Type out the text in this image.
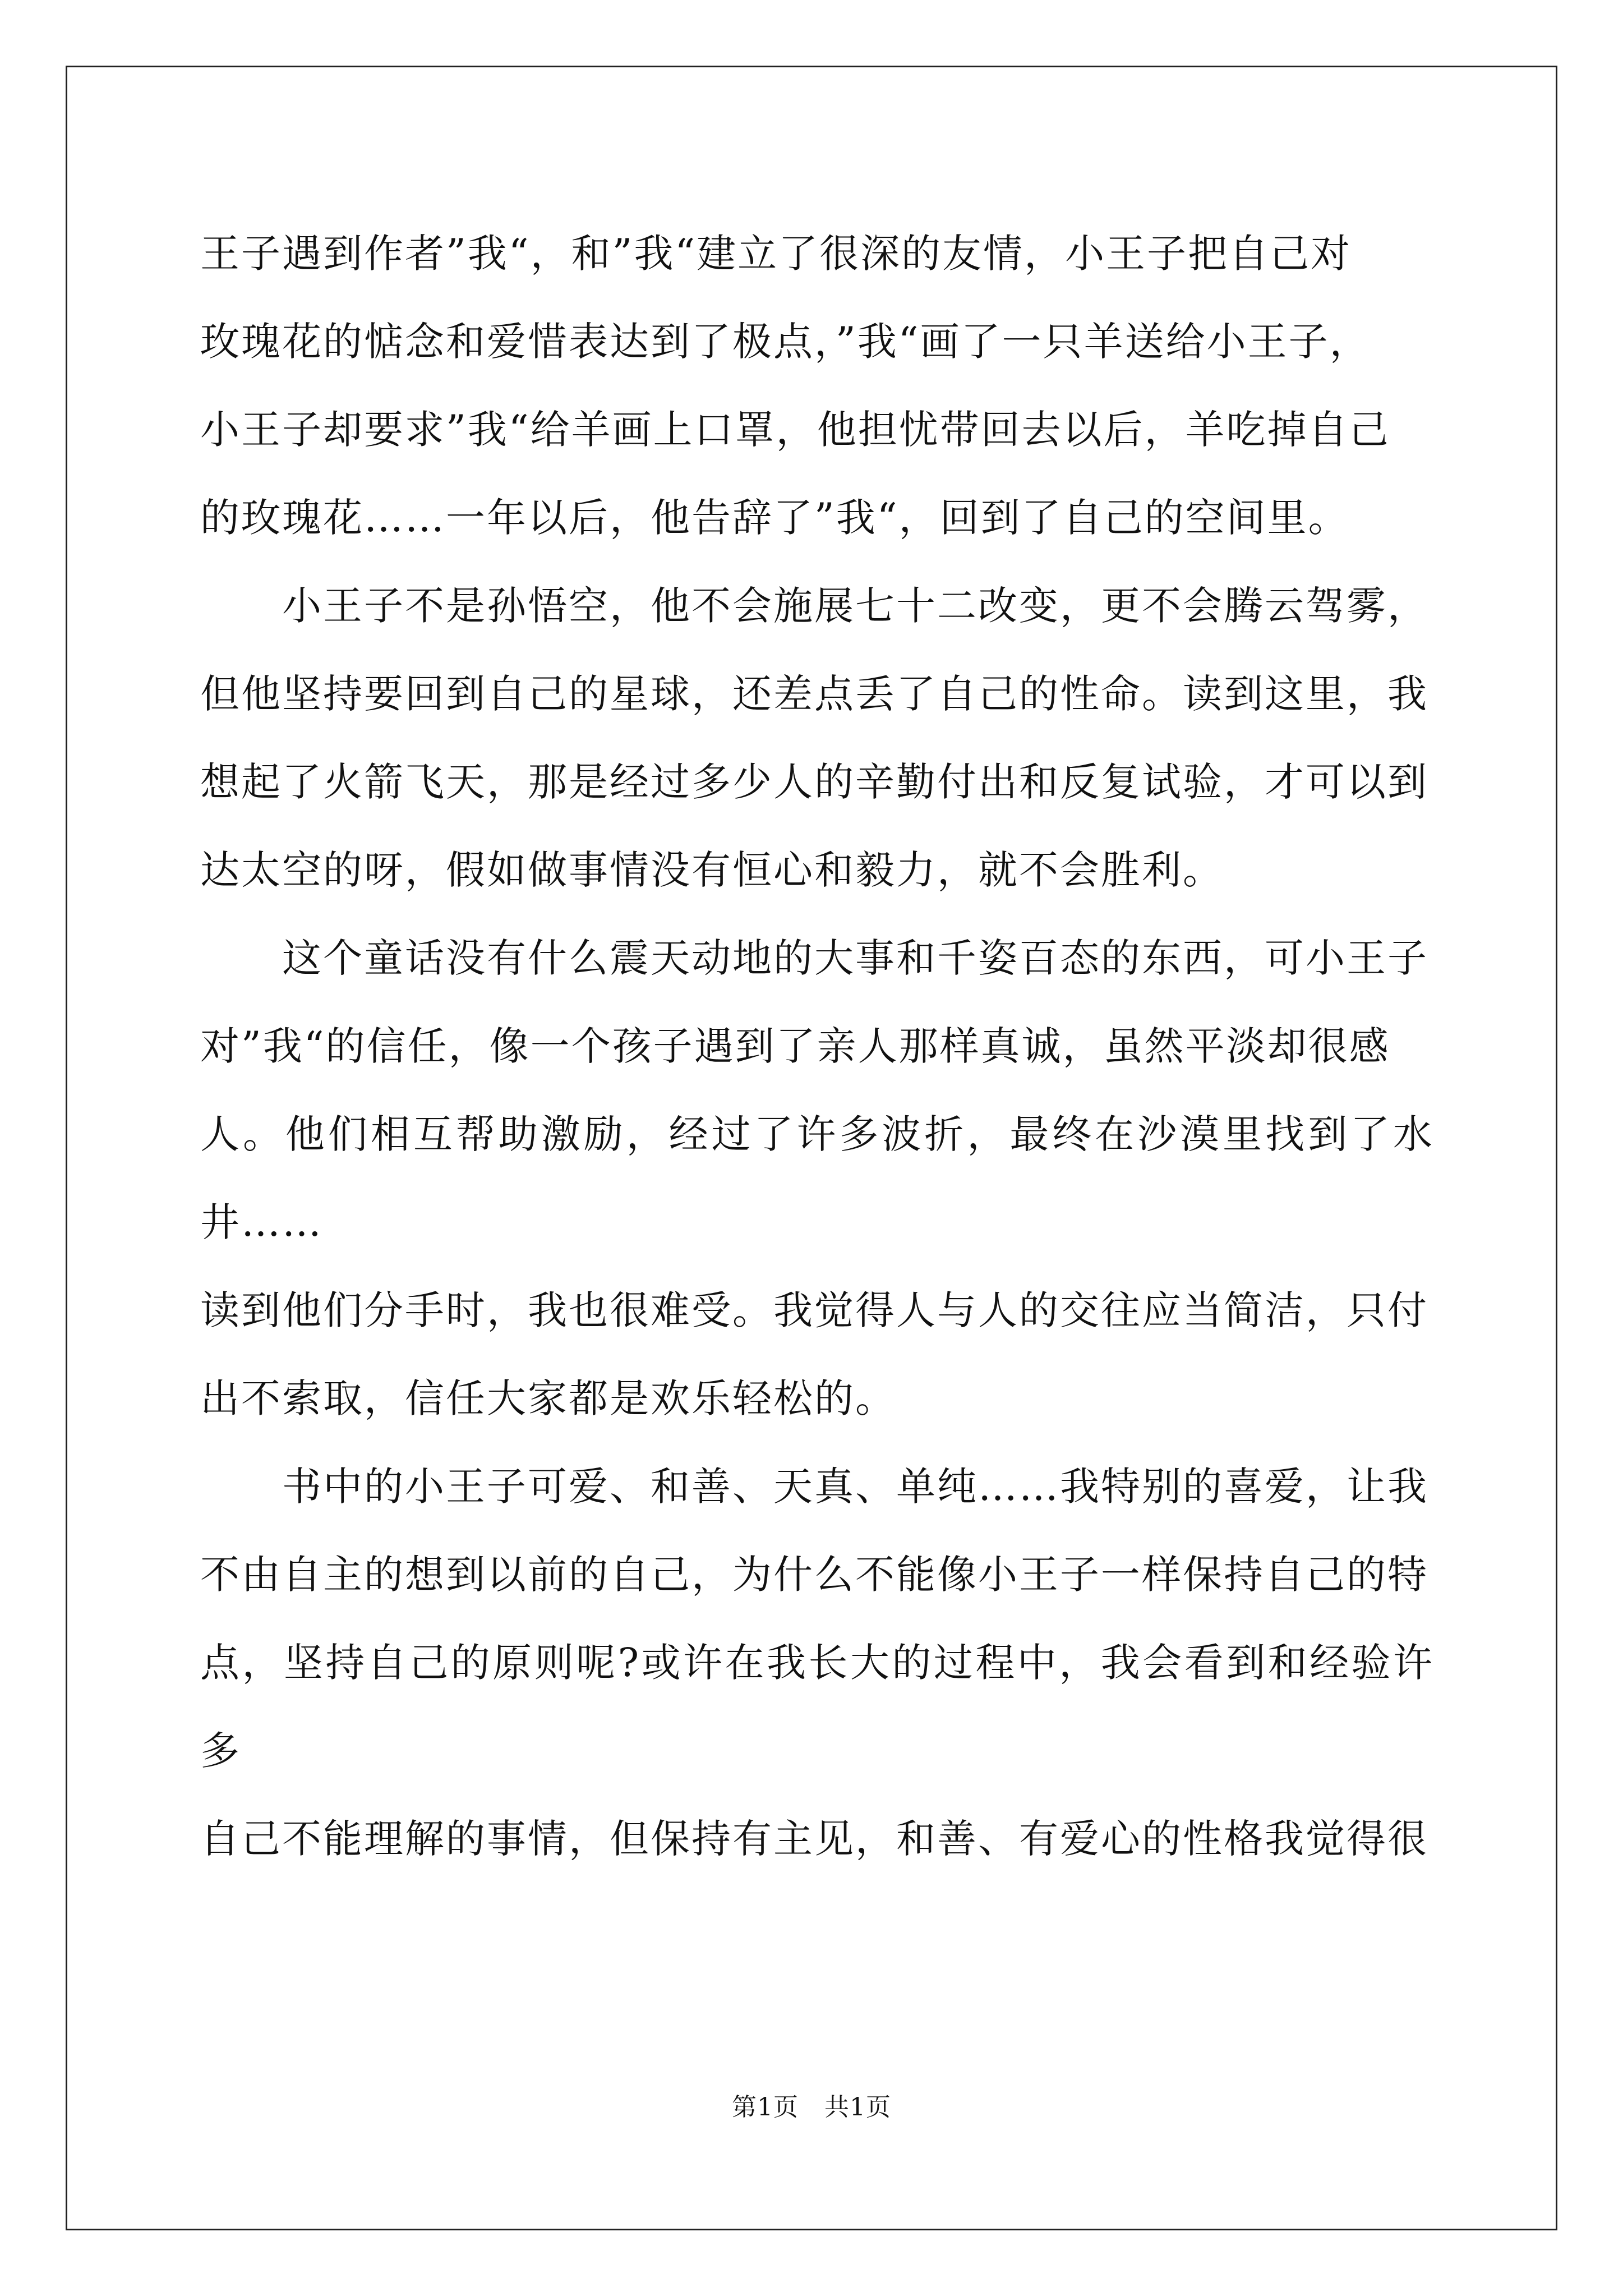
王子遇到作者”我“，和”我“建立了很深的友情，小王子把自己对
玫瑰花的惦念和爱惜表达到了极点，”我“画了一只羊送给小王子，
小王子却要求”我“给羊画上口罩，他担忧带回去以后，羊吃掉自己
的玫瑰花……一年以后，他告辞了”我“，回到了自己的空间里。

小王子不是孙悟空，他不会施展七十二改变，更不会腾云驾雾，
但他坚持要回到自己的星球，还差点丢了自己的性命。读到这里，我
想起了火箭飞天，那是经过多少人的辛勤付出和反复试验，才可以到
达太空的呀，假如做事情没有恒心和毅力，就不会胜利。

这个童话没有什么震天动地的大事和千姿百态的东西，可小王子
对”我“的信任，像一个孩子遇到了亲人那样真诚，虽然平淡却很感
人。他们相互帮助激励，经过了许多波折，最终在沙漠里找到了水井……
读到他们分手时，我也很难受。我觉得人与人的交往应当简洁，只付
出不索取，信任大家都是欢乐轻松的。

书中的小王子可爱、和善、天真、单纯……我特别的喜爱，让我
不由自主的想到以前的自己，为什么不能像小王子一样保持自己的特
点，坚持自己的原则呢?或许在我长大的过程中，我会看到和经验许多
自己不能理解的事情，但保持有主见，和善、有爱心的性格我觉得很

第1页 共1页
